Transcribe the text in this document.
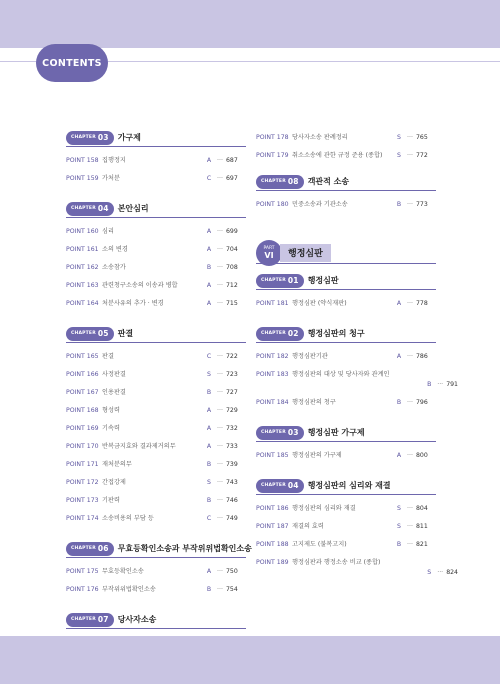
CONTENTS
CHAPTER 03 가구제
POINT 158 집행정지	A ··· 687
POINT 159 가처분	C ··· 697
CHAPTER 04 본안심리
POINT 160 심리	A ··· 699
POINT 161 소의 변경	A ··· 704
POINT 162 소송참가	B ··· 708
POINT 163 관련청구소송의 이송과 병합	A ··· 712
POINT 164 처분사유의 추가 · 변경	A ··· 715
CHAPTER 05 판결
POINT 165 판결	C ··· 722
POINT 166 사정판결	S ··· 723
POINT 167 인용판결	B ··· 727
POINT 168 형성력	A ··· 729
POINT 169 기속력	A ··· 732
POINT 170 반복금지효와 결과제거의무	A ··· 733
POINT 171 재처분의무	B ··· 739
POINT 172 간접강제	S ··· 743
POINT 173 기판력	B ··· 746
POINT 174 소송비용의 부담 등	C ··· 749
CHAPTER 06 무효등확인소송과 부작위위법확인소송
POINT 175 무효등확인소송	A ··· 750
POINT 176 부작위위법확인소송	B ··· 754
CHAPTER 07 당사자소송
POINT 178 당사자소송 판례정리	S ··· 765
POINT 179 취소소송에 관한 규정 준용 (종합)	S ··· 772
CHAPTER 08 객관적 소송
POINT 180 민중소송과 기관소송	B ··· 773
PART
VI	행정심판
CHAPTER 01 행정심판
POINT 181 행정심판 (약식재판)	A ··· 778
CHAPTER 02 행정심판의 청구
POINT 182 행정심판기관	A ··· 786
POINT 183 행정심판의 대상 및 당사자와 관계인
B ··· 791
POINT 184 행정심판의 청구	B ··· 796
CHAPTER 03 행정심판 가구제
POINT 185 행정심판의 가구제	A ··· 800
CHAPTER 04 행정심판의 심리와 재결
POINT 186 행정심판의 심리와 재결	S ··· 804
POINT 187 재결의 효력	S ··· 811
POINT 188 고지제도 (불복고지)	B ··· 821
POINT 189 행정심판과 행정소송 비교 (종합)
S ··· 824
